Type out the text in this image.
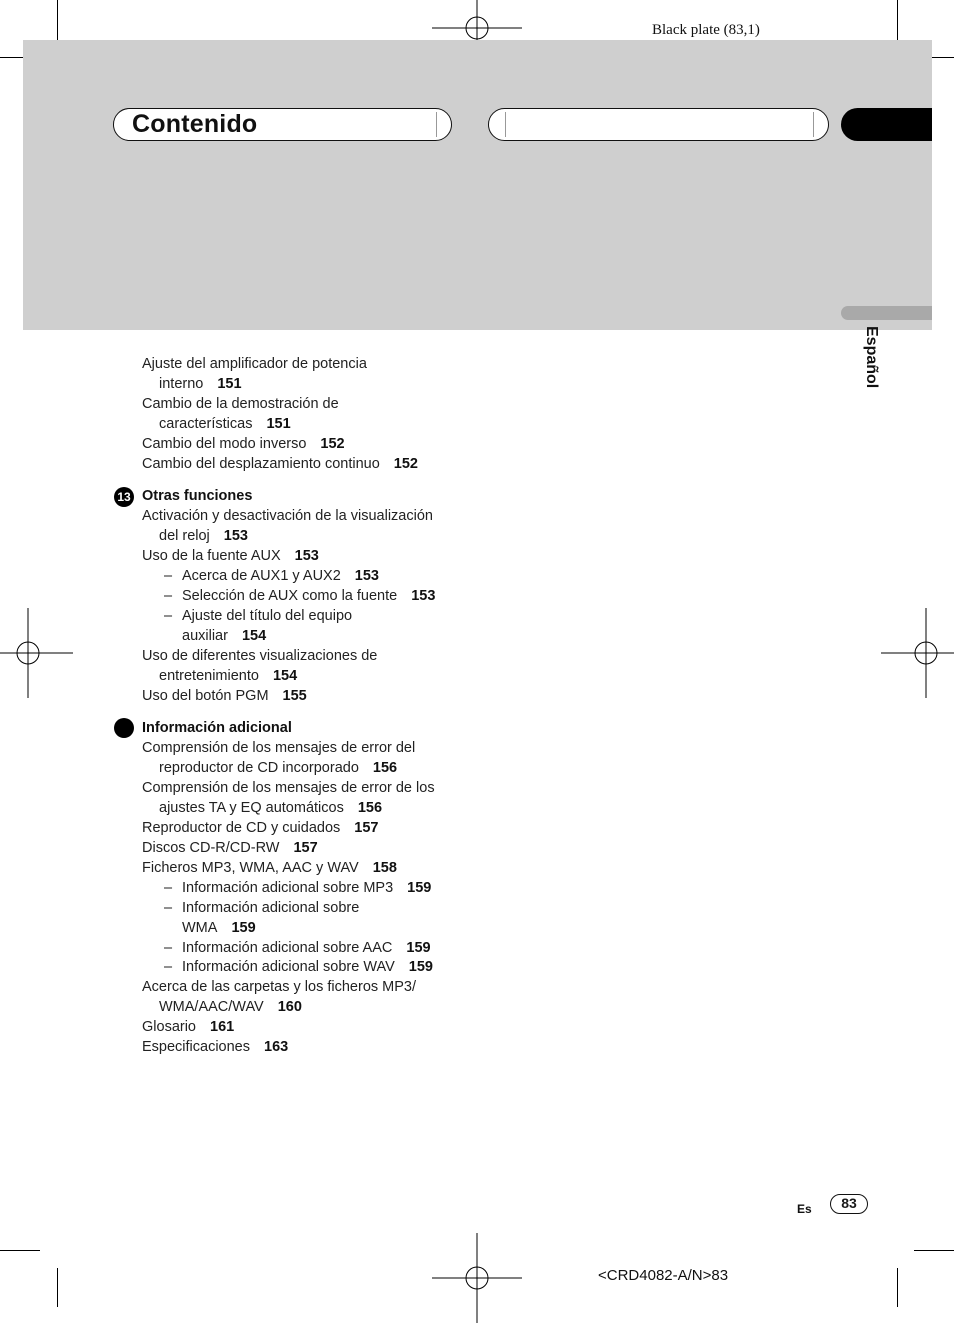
Black plate (83,1)
Contenido
Español
Ajuste del amplificador de potencia
interno 151
Cambio de la demostración de
características 151
Cambio del modo inverso 152
Cambio del desplazamiento continuo 152
13 Otras funciones
Activación y desactivación de la visualización
del reloj 153
Uso de la fuente AUX 153
– Acerca de AUX1 y AUX2 153
– Selección de AUX como la fuente 153
– Ajuste del título del equipo
auxiliar 154
Uso de diferentes visualizaciones de
entretenimiento 154
Uso del botón PGM 155
Información adicional
Comprensión de los mensajes de error del
reproductor de CD incorporado 156
Comprensión de los mensajes de error de los
ajustes TA y EQ automáticos 156
Reproductor de CD y cuidados 157
Discos CD-R/CD-RW 157
Ficheros MP3, WMA, AAC y WAV 158
– Información adicional sobre MP3 159
– Información adicional sobre
WMA 159
– Información adicional sobre AAC 159
– Información adicional sobre WAV 159
Acerca de las carpetas y los ficheros MP3/
WMA/AAC/WAV 160
Glosario 161
Especificaciones 163
Es	83
<CRD4082-A/N>83
